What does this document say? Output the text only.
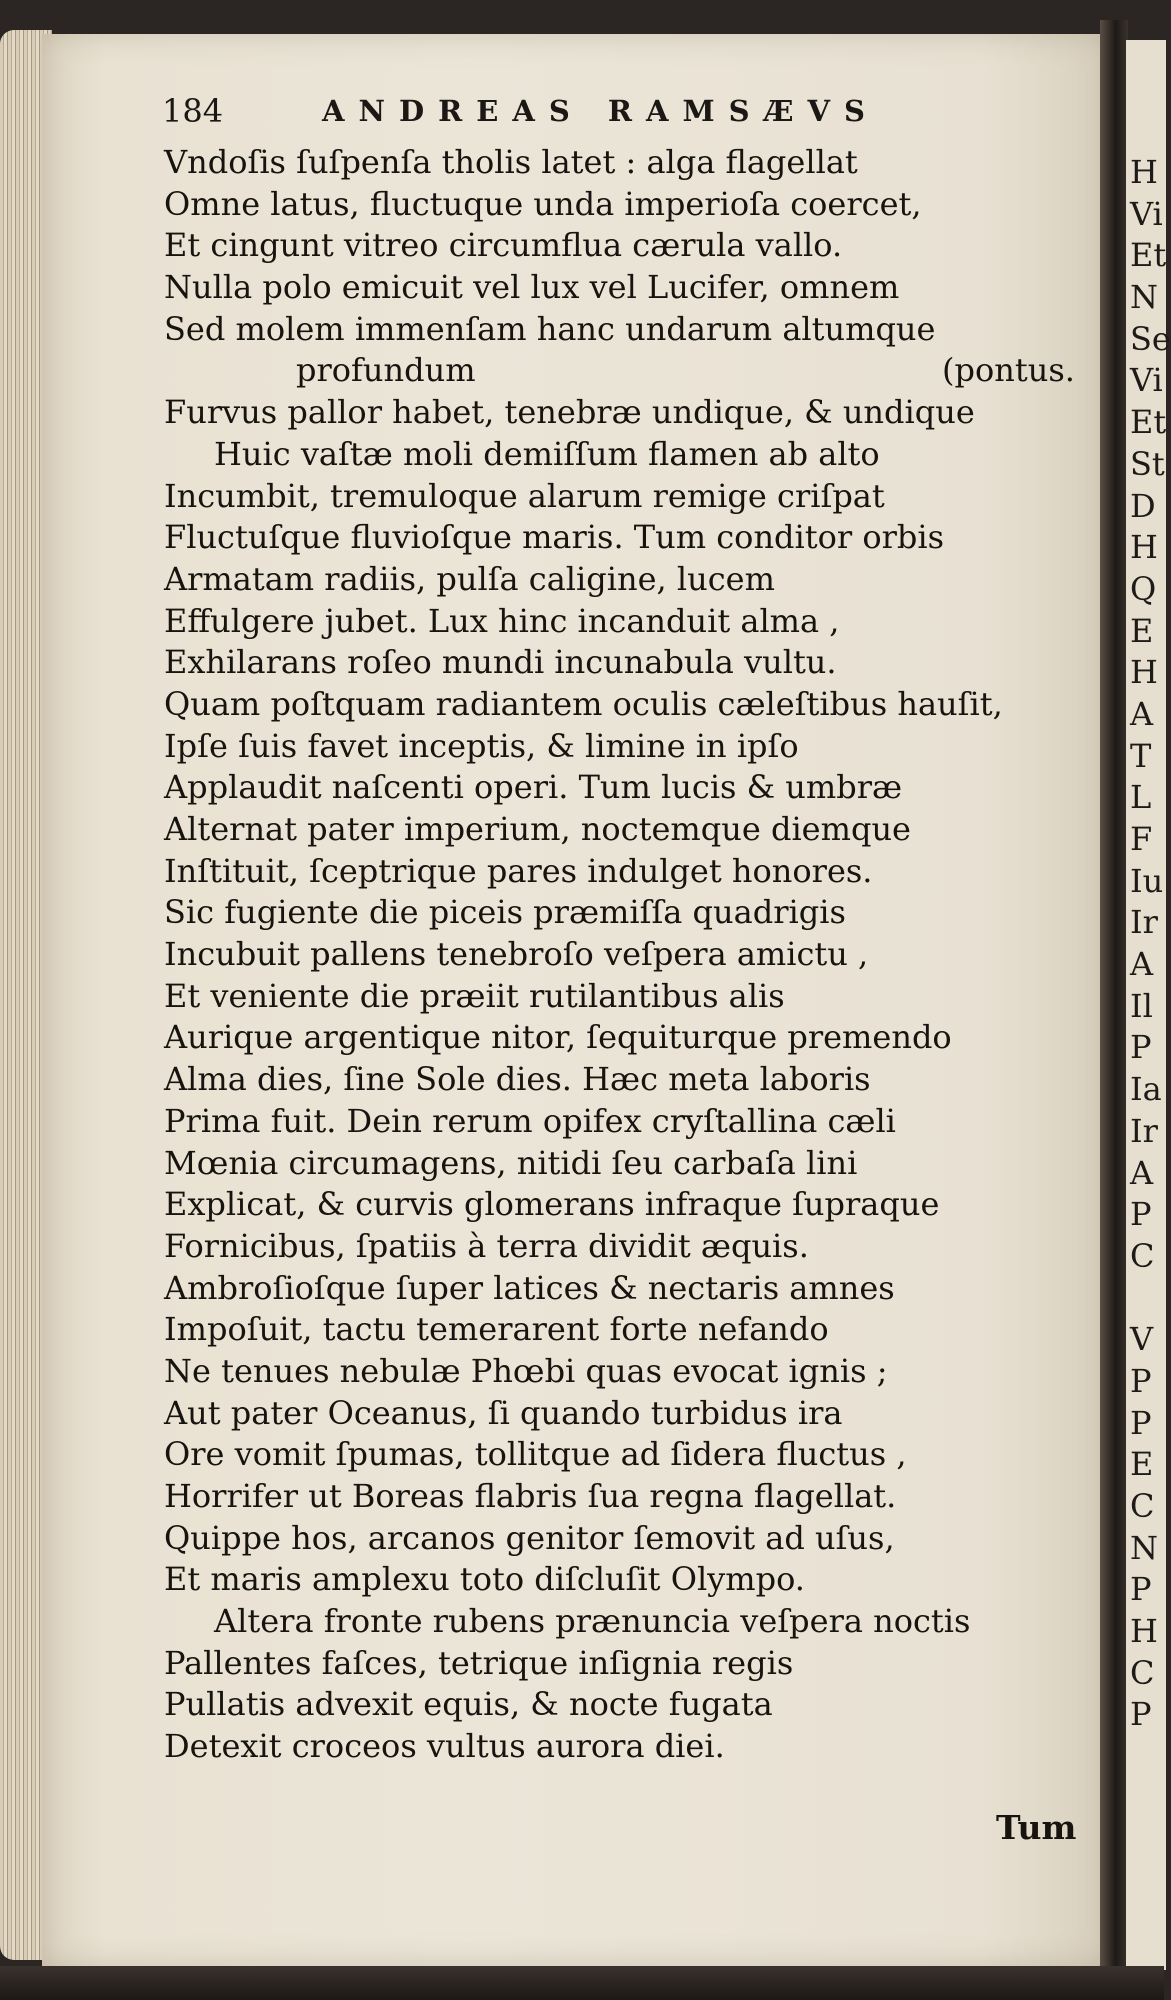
H
Vi
Et
N
Se
Vi
Et
St
D
H
Q
E
H
A
T
L
F
Iu
Ir
A
Il
P
Ia
Ir
A
P
C
V
P
P
E
C
N
P
H
C
P
184	ANDREAS RAMSÆVS
Vndoſis ſuſpenſa tholis latet : alga flagellat
Omne latus, fluctuque unda imperioſa coercet,
Et cingunt vitreo circumflua cærula vallo.
Nulla polo emicuit vel lux vel Lucifer, omnem
Sed molem immenſam hanc undarum altumque
profundum	(pontus.
Furvus pallor habet, tenebræ undique, & undique
Huic vaſtæ moli demiſſum flamen ab alto
Incumbit, tremuloque alarum remige criſpat
Fluctuſque fluvioſque maris. Tum conditor orbis
Armatam radiis, pulſa caligine, lucem
Effulgere jubet. Lux hinc incanduit alma ,
Exhilarans roſeo mundi incunabula vultu.
Quam poſtquam radiantem oculis cæleſtibus hauſit,
Ipſe ſuis favet inceptis, & limine in ipſo
Applaudit naſcenti operi. Tum lucis & umbræ
Alternat pater imperium, noctemque diemque
Inſtituit, ſceptrique pares indulget honores.
Sic fugiente die piceis præmiſſa quadrigis
Incubuit pallens tenebroſo veſpera amictu ,
Et veniente die præiit rutilantibus alis
Aurique argentique nitor, ſequiturque premendo
Alma dies, ſine Sole dies. Hæc meta laboris
Prima fuit. Dein rerum opifex cryſtallina cæli
Mœnia circumagens, nitidi ſeu carbaſa lini
Explicat, & curvis glomerans infraque ſupraque
Fornicibus, ſpatiis à terra dividit æquis.
Ambroſioſque ſuper latices & nectaris amnes
Impoſuit, tactu temerarent forte nefando
Ne tenues nebulæ Phœbi quas evocat ignis ;
Aut pater Oceanus, ſi quando turbidus ira
Ore vomit ſpumas, tollitque ad ſidera fluctus ,
Horrifer ut Boreas flabris ſua regna flagellat.
Quippe hos, arcanos genitor ſemovit ad uſus,
Et maris amplexu toto diſcluſit Olympo.
Altera fronte rubens prænuncia veſpera noctis
Pallentes faſces, tetrique inſignia regis
Pullatis advexit equis, & nocte fugata
Detexit croceos vultus aurora diei.
Tum
